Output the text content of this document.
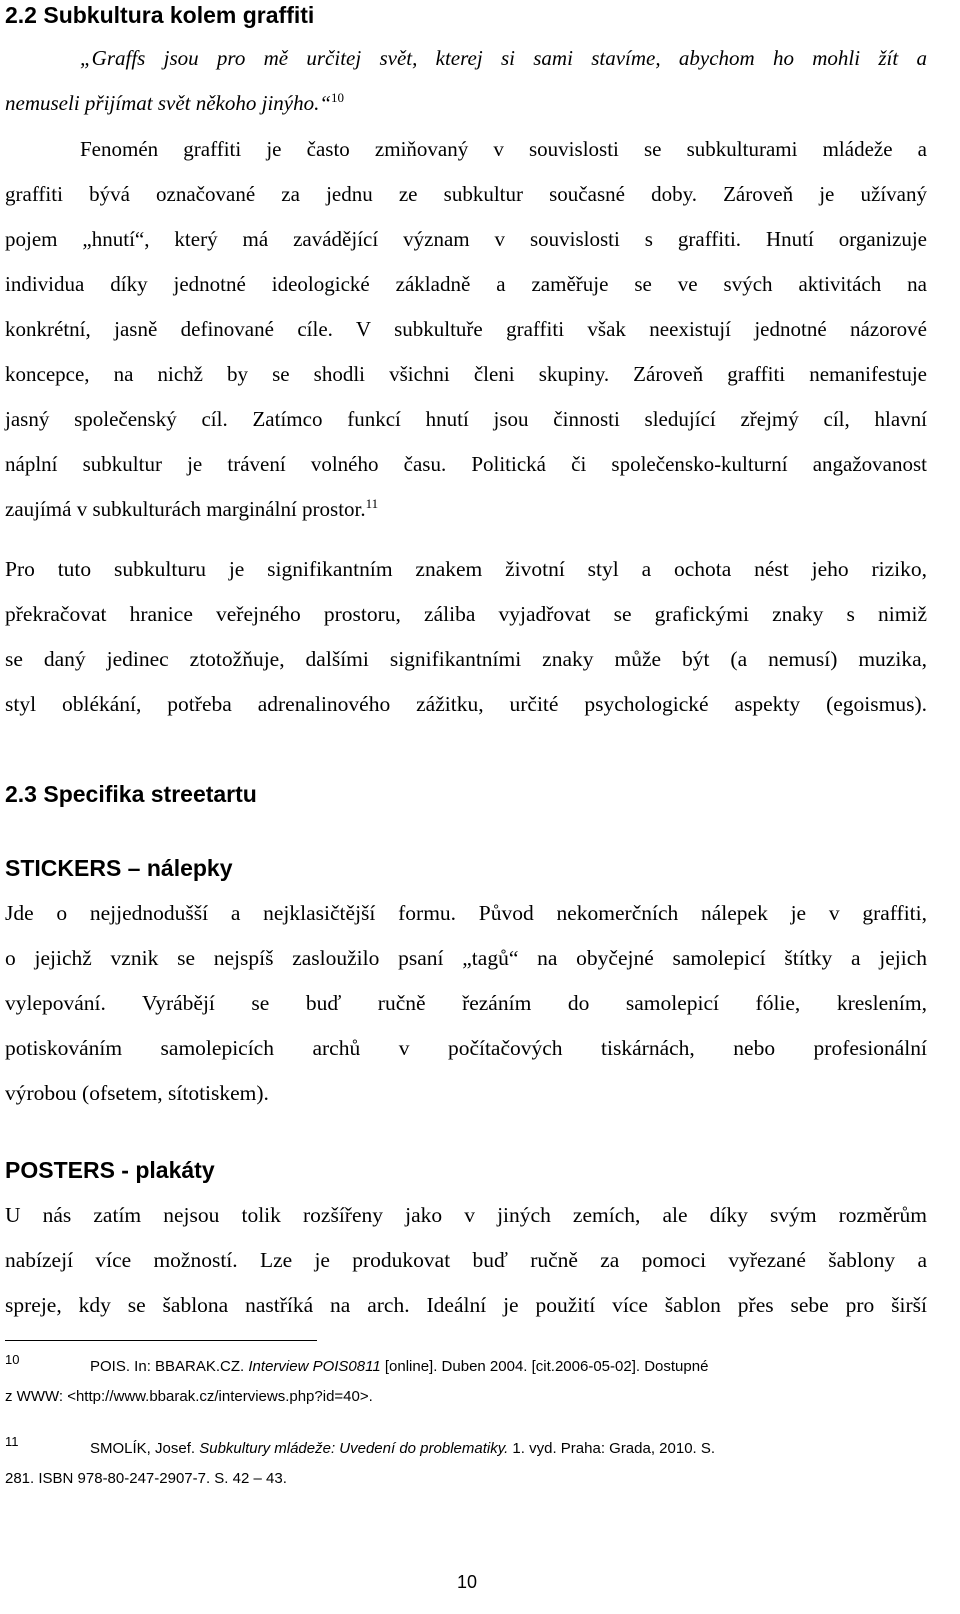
2.2 Subkultura kolem graffiti
„Graffs jsou pro mě určitej svět, kterej si sami stavíme, abychom ho mohli žít a
nemuseli přijímat svět někoho jinýho.“$^{10}$
Fenomén graffiti je často zmiňovaný v souvislosti se subkulturami mládeže a
graffiti bývá označované za jednu ze subkultur současné doby. Zároveň je užívaný
pojem „hnutí“, který má zavádějící význam v souvislosti s graffiti. Hnutí organizuje
individua díky jednotné ideologické základně a zaměřuje se ve svých aktivitách na
konkrétní, jasně definované cíle. V subkultuře graffiti však neexistují jednotné názorové
koncepce, na nichž by se shodli všichni členi skupiny. Zároveň graffiti nemanifestuje
jasný společenský cíl. Zatímco funkcí hnutí jsou činnosti sledující zřejmý cíl, hlavní
náplní subkultur je trávení volného času. Politická či společensko-kulturní angažovanost
zaujímá v subkulturách marginální prostor.$^{11}$
Pro tuto subkulturu je signifikantním znakem životní styl a ochota nést jeho riziko,
překračovat hranice veřejného prostoru, záliba vyjadřovat se grafickými znaky s nimiž
se daný jedinec ztotožňuje, dalšími signifikantními znaky může být (a nemusí) muzika,
styl oblékání, potřeba adrenalinového zážitku, určité psychologické aspekty (egoismus).
2.3 Specifika streetartu
STICKERS – nálepky
Jde o nejjednodušší a nejklasičtější formu. Původ nekomerčních nálepek je v graffiti,
o jejichž vznik se nejspíš zasloužilo psaní „tagů“ na obyčejné samolepicí štítky a jejich
vylepování. Vyrábějí se buď ručně řezáním do samolepicí fólie, kreslením,
potiskováním samolepicích archů v počítačových tiskárnách, nebo profesionální
výrobou (ofsetem, sítotiskem).
POSTERS - plakáty
U nás zatím nejsou tolik rozšířeny jako v jiných zemích, ale díky svým rozměrům
nabízejí více možností. Lze je produkovat buď ručně za pomoci vyřezané šablony a
spreje, kdy se šablona nastříká na arch. Ideální je použití více šablon přes sebe pro širší
10	POIS. In: BBARAK.CZ. Interview POIS0811 [online]. Duben 2004. [cit.2006-05-02]. Dostupné
z WWW: <http://www.bbarak.cz/interviews.php?id=40>.
11	SMOLÍK, Josef. Subkultury mládeže: Uvedení do problematiky. 1. vyd. Praha: Grada, 2010. S.
281. ISBN 978-80-247-2907-7. S. 42 – 43.
10
